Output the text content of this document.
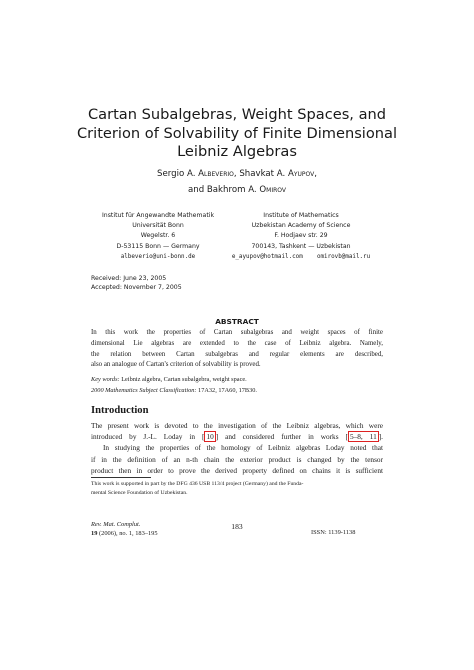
Cartan Subalgebras, Weight Spaces, and
Criterion of Solvability of Finite Dimensional
Leibniz Algebras
Sergio A. Albeverio, Shavkat A. Ayupov,
and Bakhrom A. Omirov
Institut für Angewandte Mathematik
Universität Bonn
Wegelstr. 6
D-53115 Bonn — Germany
albeverio@uni-bonn.de
Institute of Mathematics
Uzbekistan Academy of Science
F. Hodjaev str. 29
700143, Tashkent — Uzbekistan
e_ayupov@hotmail.com omirovb@mail.ru
Received: June 23, 2005
Accepted: November 7, 2005
ABSTRACT
In this work the properties of Cartan subalgebras and weight spaces of finite
dimensional Lie algebras are extended to the case of Leibniz algebra. Namely,
the relation between Cartan subalgebras and regular elements are described,
also an analogue of Cartan's criterion of solvability is proved.
Key words: Leibniz algebra, Cartan subalgebra, weight space.
2000 Mathematics Subject Classification: 17A32, 17A60, 17B30.
Introduction
The present work is devoted to the investigation of the Leibniz algebras, which were
introduced by J.-L. Loday in [ 10 ] and considered further in works [ 5–8, 11 ].
In studying the properties of the homology of Leibniz algebras Loday noted that
if in the definition of an n-th chain the exterior product is changed by the tensor
product then in order to prove the derived property defined on chains it is sufficient
This work is supported in part by the DFG 436 USB 113/4 project (Germany) and the Funda-
mental Science Foundation of Uzbekistan.
Rev. Mat. Complut.
19 (2006), no. 1, 183–195
183
ISSN: 1139-1138
